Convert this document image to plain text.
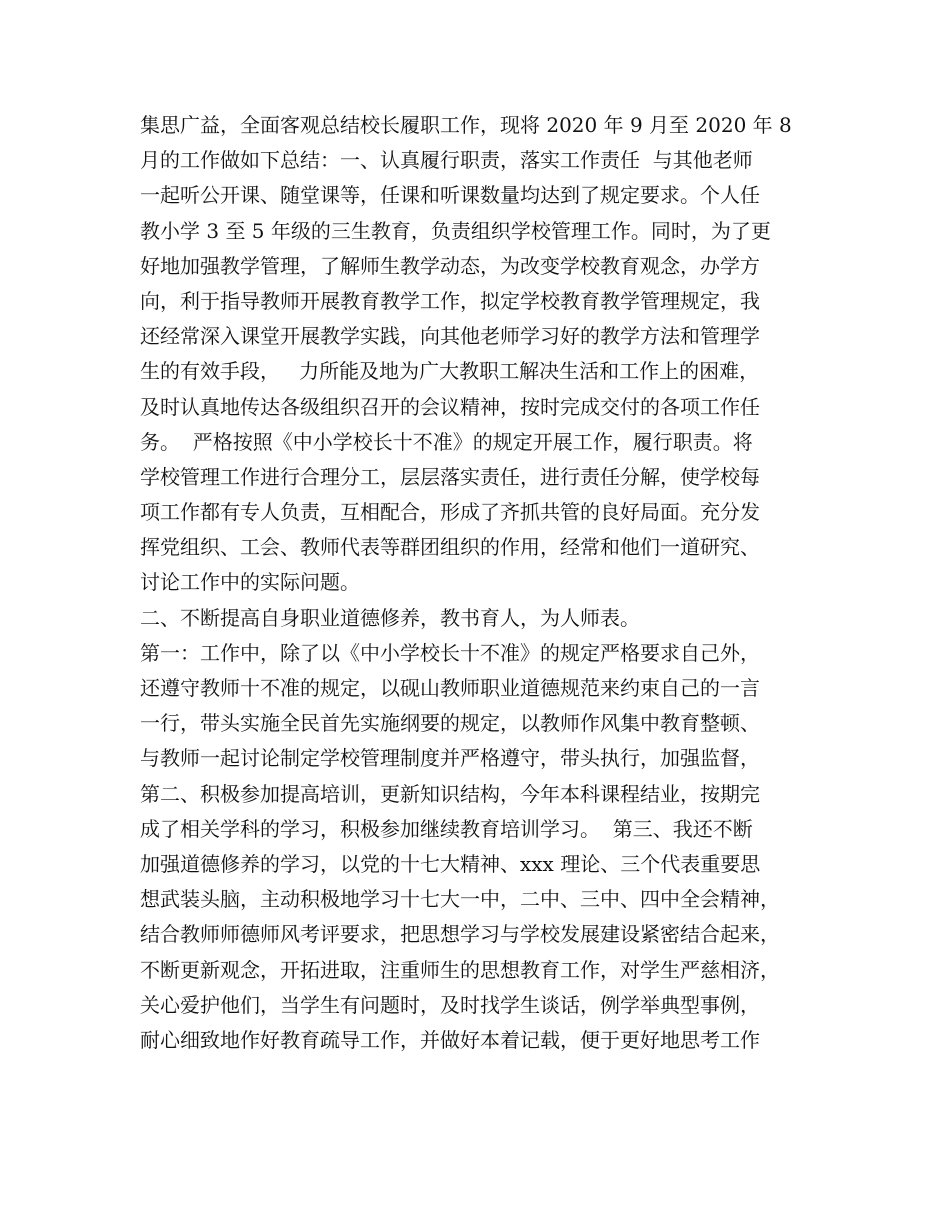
集思广益，全面客观总结校长履职工作，现将 2020 年 9 月至 2020 年 8
月的工作做如下总结：一、认真履行职责，落实工作责任  与其他老师
一起听公开课、随堂课等，任课和听课数量均达到了规定要求。个人任
教小学 3 至 5 年级的三生教育，负责组织学校管理工作。同时，为了更
好地加强教学管理，了解师生教学动态，为改变学校教育观念，办学方
向，利于指导教师开展教育教学工作，拟定学校教育教学管理规定，我
还经常深入课堂开展教学实践，向其他老师学习好的教学方法和管理学
生的有效手段，   力所能及地为广大教职工解决生活和工作上的困难，
及时认真地传达各级组织召开的会议精神，按时完成交付的各项工作任
务。  严格按照《中小学校长十不准》的规定开展工作，履行职责。将
学校管理工作进行合理分工，层层落实责任，进行责任分解，使学校每
项工作都有专人负责，互相配合，形成了齐抓共管的良好局面。充分发
挥党组织、工会、教师代表等群团组织的作用，经常和他们一道研究、
讨论工作中的实际问题。
二、不断提高自身职业道德修养，教书育人，为人师表。
第一：工作中，除了以《中小学校长十不准》的规定严格要求自己外，
还遵守教师十不准的规定，以砚山教师职业道德规范来约束自己的一言
一行，带头实施全民首先实施纲要的规定，以教师作风集中教育整顿、
与教师一起讨论制定学校管理制度并严格遵守，带头执行，加强监督，
第二、积极参加提高培训，更新知识结构，今年本科课程结业，按期完
成了相关学科的学习，积极参加继续教育培训学习。  第三、我还不断
加强道德修养的学习，以党的十七大精神、xxx 理论、三个代表重要思
想武装头脑，主动积极地学习十七大一中，二中、三中、四中全会精神，
结合教师师德师风考评要求，把思想学习与学校发展建设紧密结合起来，
不断更新观念，开拓进取，注重师生的思想教育工作，对学生严慈相济，
关心爱护他们，当学生有问题时，及时找学生谈话，例学举典型事例，
耐心细致地作好教育疏导工作，并做好本着记载，便于更好地思考工作
